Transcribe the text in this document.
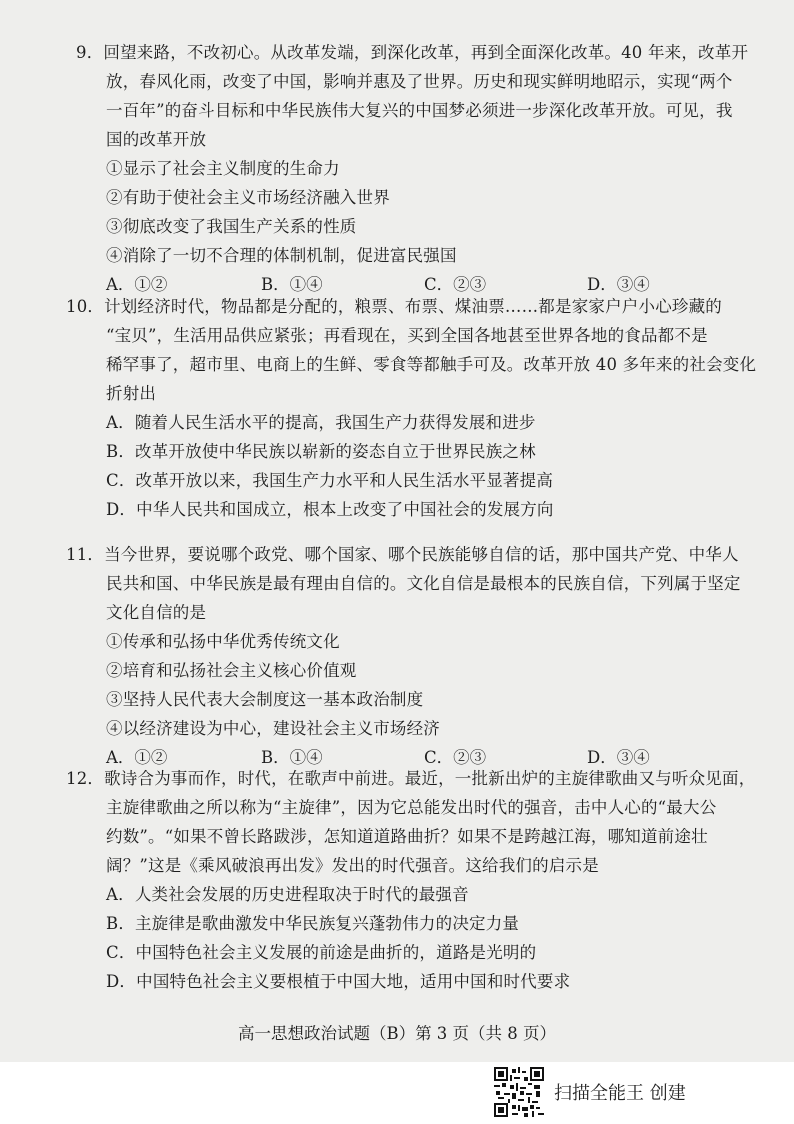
9．回望来路，不改初心。从改革发端，到深化改革，再到全面深化改革。40 年来，改革开
放，春风化雨，改变了中国，影响并惠及了世界。历史和现实鲜明地昭示，实现“两个
一百年”的奋斗目标和中华民族伟大复兴的中国梦必须进一步深化改革开放。可见，我
国的改革开放
①显示了社会主义制度的生命力
②有助于使社会主义市场经济融入世界
③彻底改变了我国生产关系的性质
④消除了一切不合理的体制机制，促进富民强国
A．①②	B．①④	C．②③	D．③④
10．计划经济时代，物品都是分配的，粮票、布票、煤油票……都是家家户户小心珍藏的
“宝贝”，生活用品供应紧张；再看现在，买到全国各地甚至世界各地的食品都不是
稀罕事了，超市里、电商上的生鲜、零食等都触手可及。改革开放 40 多年来的社会变化
折射出
A．随着人民生活水平的提高，我国生产力获得发展和进步
B．改革开放使中华民族以崭新的姿态自立于世界民族之林
C．改革开放以来，我国生产力水平和人民生活水平显著提高
D．中华人民共和国成立，根本上改变了中国社会的发展方向
11．当今世界，要说哪个政党、哪个国家、哪个民族能够自信的话，那中国共产党、中华人
民共和国、中华民族是最有理由自信的。文化自信是最根本的民族自信，下列属于坚定
文化自信的是
①传承和弘扬中华优秀传统文化
②培育和弘扬社会主义核心价值观
③坚持人民代表大会制度这一基本政治制度
④以经济建设为中心，建设社会主义市场经济
A．①②	B．①④	C．②③	D．③④
12．歌诗合为事而作，时代，在歌声中前进。最近，一批新出炉的主旋律歌曲又与听众见面，
主旋律歌曲之所以称为“主旋律”，因为它总能发出时代的强音，击中人心的“最大公
约数”。“如果不曾长路跋涉，怎知道道路曲折？如果不是跨越江海，哪知道前途壮
阔？”这是《乘风破浪再出发》发出的时代强音。这给我们的启示是
A．人类社会发展的历史进程取决于时代的最强音
B．主旋律是歌曲激发中华民族复兴蓬勃伟力的决定力量
C．中国特色社会主义发展的前途是曲折的，道路是光明的
D．中国特色社会主义要根植于中国大地，适用中国和时代要求
高一思想政治试题（B）第 3 页（共 8 页）
扫描全能王 创建
